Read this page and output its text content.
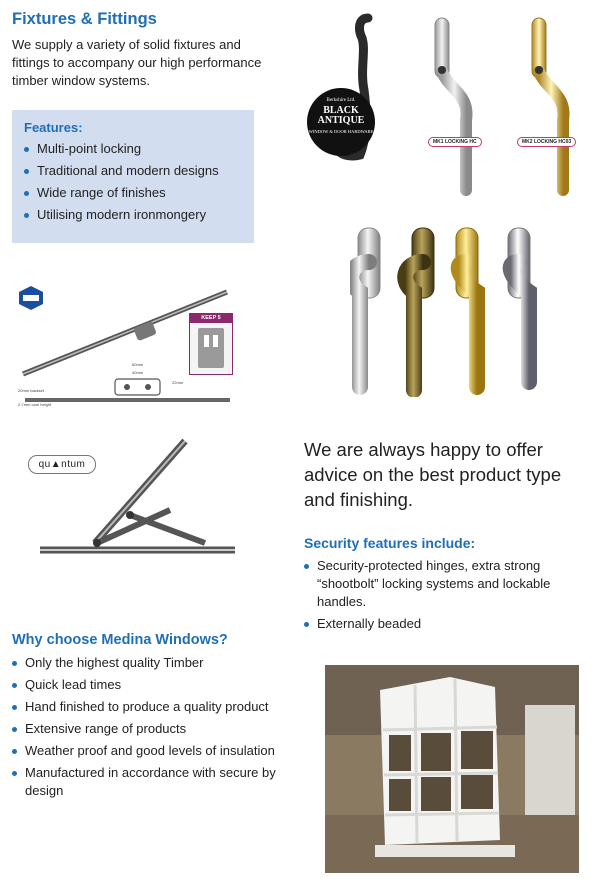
Fixtures & Fittings

We supply a variety of solid fixtures and fittings to accompany our high performance timber window systems.

Features:
Multi-point locking
Traditional and modern designs
Wide range of finishes
Utilising modern ironmongery
Berkshire Ltd.
BLACK ANTIQUE
WINDOW & DOOR HARDWARE
MK1 LOCKING HC	MK2 LOCKING HC03
KEEP 5
60mm
40mm
22mm
20mm backset
2-7mm cam height
qu▲ntum

We are always happy to offer advice on the best product type and finishing.

Security features include:
Security-protected hinges, extra strong “shootbolt” locking systems and lockable handles.
Externally beaded
Why choose Medina Windows?
Only the highest quality Timber
Quick lead times
Hand finished to produce a quality product
Extensive range of products
Weather proof and good levels of insulation
Manufactured in accordance with secure by design
